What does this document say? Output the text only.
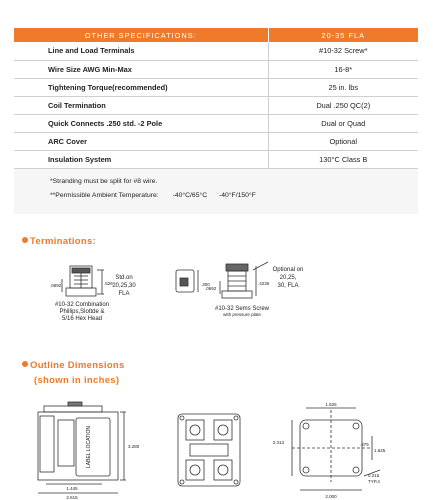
OTHER SPECIFICATIONS:	20-35 FLA
Line and Load Terminals	#10-32 Screw*
Wire Size AWG Min-Max	16-8*
Tightening Torque(recommended)	25 in. lbs
Coil Termination	Dual .250 QC(2)
Quick Connects .250 std. -2 Pole	Dual or Quad
ARC Cover	Optional
Insulation System	130°C Class B
*Stranding must be split for #8 wire.
**Permissible Ambient Temperature: -40°C/65°C -40°F/150°F
Terminations:
Outline Dimensions
(shown in inches)
.0692	.526
Std.on
20,25,30
FLA
#10-32 Combination
Phillips,Slottde &
5/16 Hex Head
.300
.0692
.4236
Optional on
20,25,
30, FLA
#10-32 Sems Screw
with pressure plate
LABEL LOCATION	3.280
1.445
2.615
2.313
1.625
.875
1.625
2.000
0.215
TYP.4
